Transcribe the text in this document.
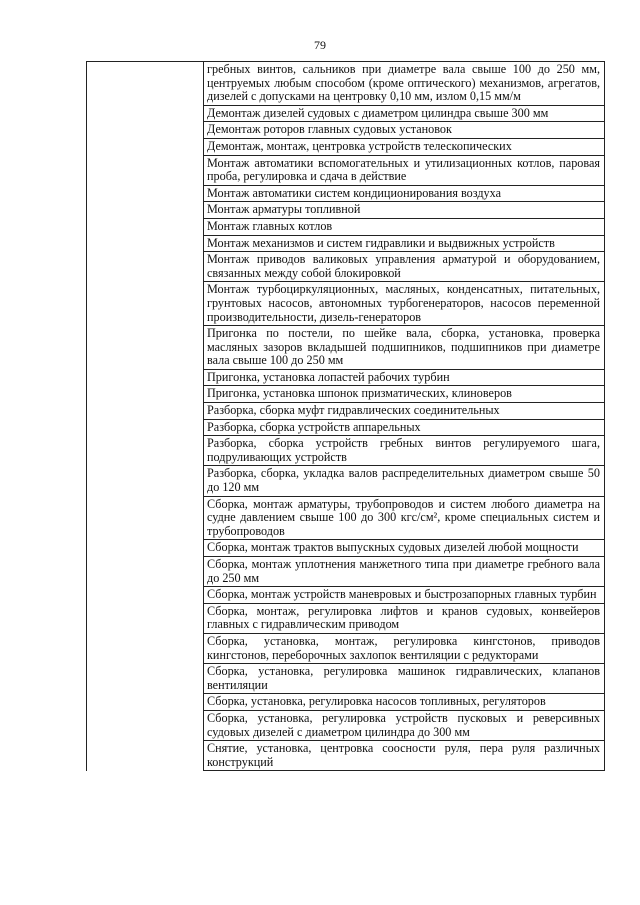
79

гребных винтов, сальников при диаметре вала свыше 100 до 250 мм, центруемых любым способом (кроме оптического) механизмов, агрегатов, дизелей с допусками на центровку 0,10 мм, излом 0,15 мм/м
Демонтаж дизелей судовых с диаметром цилиндра свыше 300 мм
Демонтаж роторов главных судовых установок
Демонтаж, монтаж, центровка устройств телескопических
Монтаж автоматики вспомогательных и утилизационных котлов, паровая проба, регулировка и сдача в действие
Монтаж автоматики систем кондиционирования воздуха
Монтаж арматуры топливной
Монтаж главных котлов
Монтаж механизмов и систем гидравлики и выдвижных устройств
Монтаж приводов валиковых управления арматурой и оборудованием, связанных между собой блокировкой
Монтаж турбоциркуляционных, масляных, конденсатных, питательных, грунтовых насосов, автономных турбогенераторов, насосов переменной производительности, дизель-генераторов
Пригонка по постели, по шейке вала, сборка, установка, проверка масляных зазоров вкладышей подшипников, подшипников при диаметре вала свыше 100 до 250 мм
Пригонка, установка лопастей рабочих турбин
Пригонка, установка шпонок призматических, клиноверов
Разборка, сборка муфт гидравлических соединительных
Разборка, сборка устройств аппарельных
Разборка, сборка устройств гребных винтов регулируемого шага, подруливающих устройств
Разборка, сборка, укладка валов распределительных диаметром свыше 50 до 120 мм
Сборка, монтаж арматуры, трубопроводов и систем любого диаметра на судне давлением свыше 100 до 300 кгс/см², кроме специальных систем и трубопроводов
Сборка, монтаж трактов выпускных судовых дизелей любой мощности
Сборка, монтаж уплотнения манжетного типа при диаметре гребного вала до 250 мм
Сборка, монтаж устройств маневровых и быстрозапорных главных турбин
Сборка, монтаж, регулировка лифтов и кранов судовых, конвейеров главных с гидравлическим приводом
Сборка, установка, монтаж, регулировка кингстонов, приводов кингстонов, переборочных захлопок вентиляции с редукторами
Сборка, установка, регулировка машинок гидравлических, клапанов вентиляции
Сборка, установка, регулировка насосов топливных, регуляторов
Сборка, установка, регулировка устройств пусковых и реверсивных судовых дизелей с диаметром цилиндра до 300 мм
Снятие, установка, центровка соосности руля, пера руля различных конструкций
